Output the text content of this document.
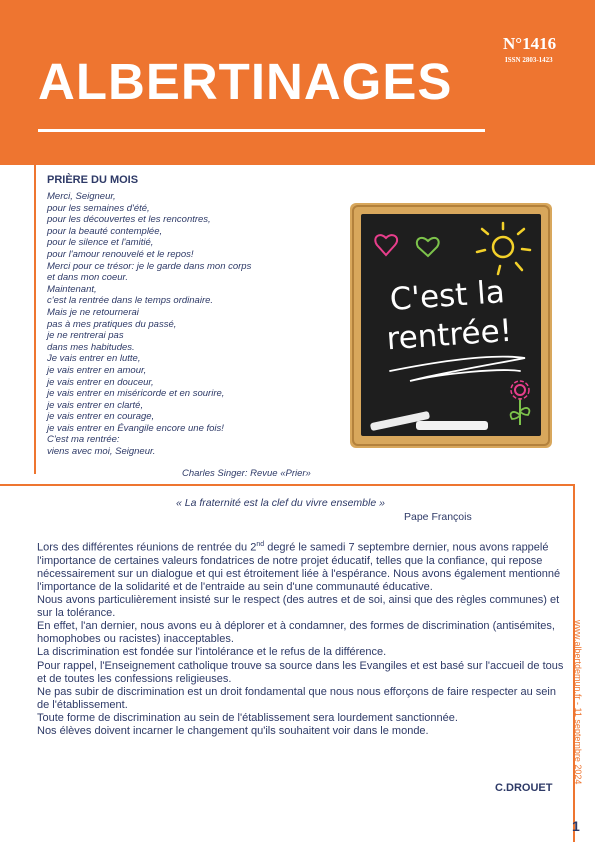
ALBERTINAGES
N°1416
ISSN 2803-1423
PRIÈRE DU MOIS
Merci, Seigneur,
pour les semaines d'été,
pour les découvertes et les rencontres,
pour la beauté contemplée,
pour le silence et l'amitié,
pour l'amour renouvelé et le repos!
Merci pour ce trésor: je le garde dans mon corps
et dans mon coeur.
Maintenant,
c'est la rentrée dans le temps ordinaire.
Mais je ne retournerai
pas à mes pratiques du passé,
je ne rentrerai pas
dans mes habitudes.
Je vais entrer en lutte,
je vais entrer en amour,
je vais entrer en douceur,
je vais entrer en miséricorde et en sourire,
je vais entrer en clarté,
je vais entrer en courage,
je vais entrer en Évangile encore une fois!
C'est ma rentrée:
viens avec moi, Seigneur.
Charles Singer: Revue «Prier»
C'est la
rentrée!
« La fraternité est la clef du vivre ensemble »
Pape François

Lors des différentes réunions de rentrée du 2nd degré le samedi 7 septembre dernier, nous avons rappelé l'importance de certaines valeurs fondatrices de notre projet éducatif, telles que la confiance, qui repose nécessairement sur un dialogue et qui est étroitement liée à l'espérance. Nous avons également mentionné l'importance de la solidarité et de l'entraide au sein d'une communauté éducative.

Nous avons particulièrement insisté sur le respect (des autres et de soi, ainsi que des règles communes) et sur la tolérance.

En effet, l'an dernier, nous avons eu à déplorer et à condamner, des formes de discrimination (antisémites, homophobes ou racistes) inacceptables.

La discrimination est fondée sur l'intolérance et le refus de la différence.

Pour rappel, l'Enseignement catholique trouve sa source dans les Evangiles et est basé sur l'accueil de tous et de toutes les confessions religieuses.

Ne pas subir de discrimination est un droit fondamental que nous nous efforçons de faire respecter au sein de l'établissement.

Toute forme de discrimination au sein de l'établissement sera lourdement sanctionnée.

Nos élèves doivent incarner le changement qu'ils souhaitent voir dans le monde.

C.DROUET
www.albertdemun.fr - 11 septembre 2024
1
